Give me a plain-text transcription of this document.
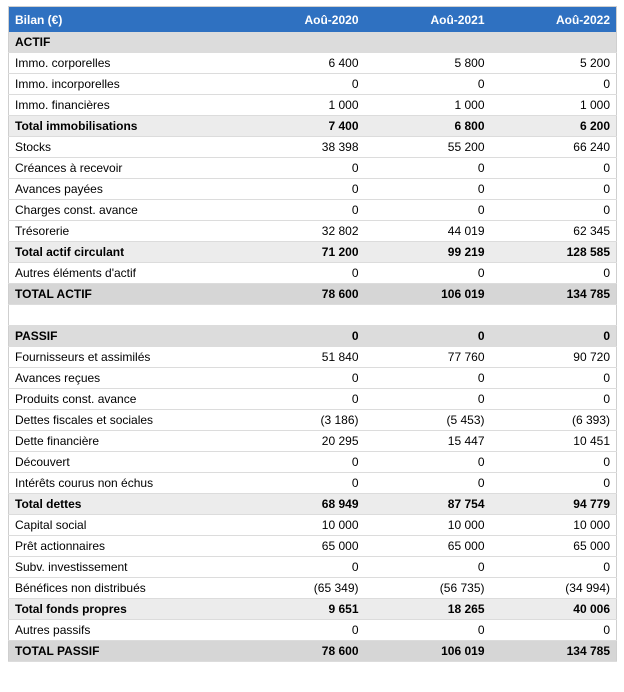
Bilan (€)	Aoû-2020	Aoû-2021	Aoû-2022
ACTIF			
Immo. corporelles	6 400	5 800	5 200
Immo. incorporelles	0	0	0
Immo. financières	1 000	1 000	1 000
Total immobilisations	7 400	6 800	6 200
Stocks	38 398	55 200	66 240
Créances à recevoir	0	0	0
Avances payées	0	0	0
Charges const. avance	0	0	0
Trésorerie	32 802	44 019	62 345
Total actif circulant	71 200	99 219	128 585
Autres éléments d'actif	0	0	0
TOTAL ACTIF	78 600	106 019	134 785

PASSIF	0	0	0
Fournisseurs et assimilés	51 840	77 760	90 720
Avances reçues	0	0	0
Produits const. avance	0	0	0
Dettes fiscales et sociales	(3 186)	(5 453)	(6 393)
Dette financière	20 295	15 447	10 451
Découvert	0	0	0
Intérêts courus non échus	0	0	0
Total dettes	68 949	87 754	94 779
Capital social	10 000	10 000	10 000
Prêt actionnaires	65 000	65 000	65 000
Subv. investissement	0	0	0
Bénéfices non distribués	(65 349)	(56 735)	(34 994)
Total fonds propres	9 651	18 265	40 006
Autres passifs	0	0	0
TOTAL PASSIF	78 600	106 019	134 785
